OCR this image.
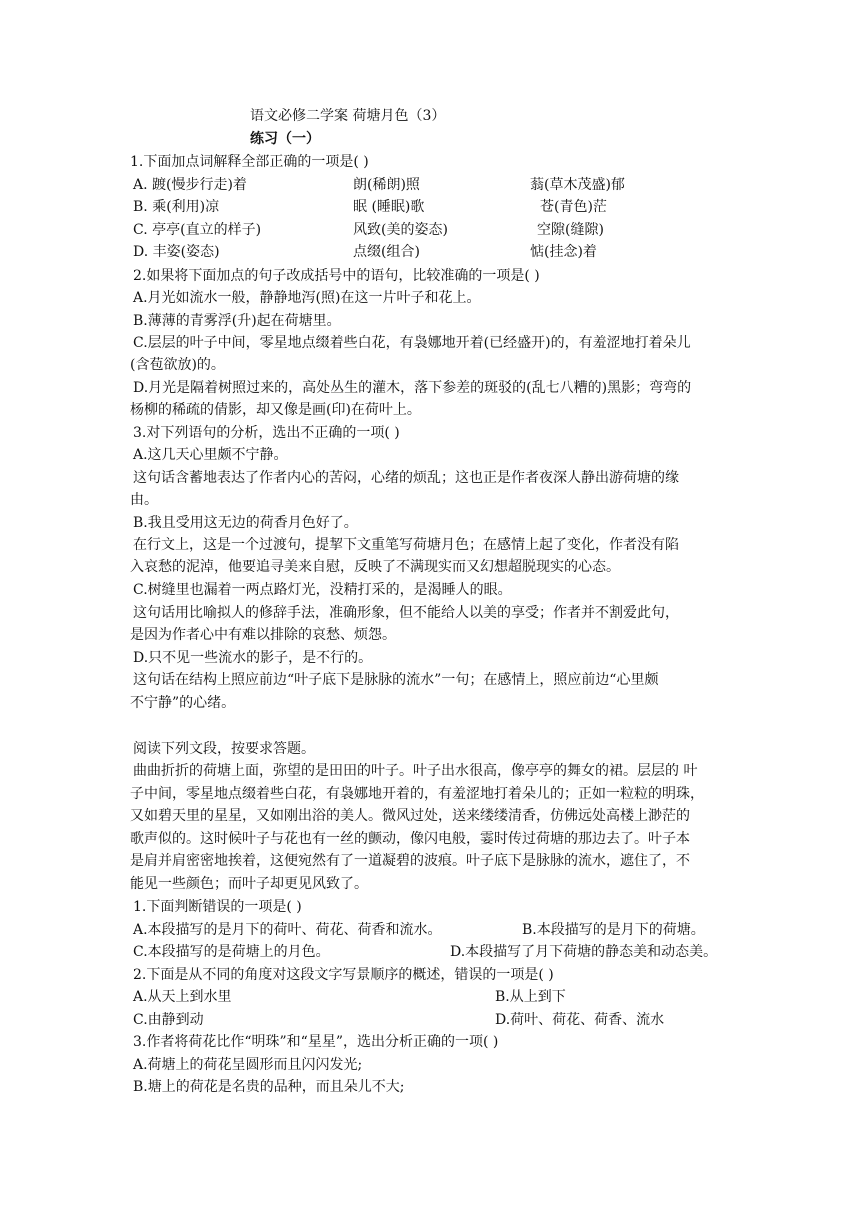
语文必修二学案 荷塘月色（3）
练习（一）
1.下面加点词解释全部正确的一项是( )
A. 踱(慢步行走)着	朗(稀朗)照	蓊(草木茂盛)郁
B. 乘(利用)凉	眠 (睡眠)歌	苍(青色)茫
C. 亭亭(直立的样子)	风致(美的姿态)	空隙(缝隙)
D. 丰姿(姿态)	点缀(组合)	惦(挂念)着
2.如果将下面加点的句子改成括号中的语句，比较准确的一项是( )
A.月光如流水一般，静静地泻(照)在这一片叶子和花上。
B.薄薄的青雾浮(升)起在荷塘里。
C.层层的叶子中间，零星地点缀着些白花，有袅娜地开着(已经盛开)的，有羞涩地打着朵儿
(含苞欲放)的。
D.月光是隔着树照过来的，高处丛生的灌木，落下参差的斑驳的(乱七八糟的)黑影；弯弯的
杨柳的稀疏的倩影，却又像是画(印)在荷叶上。
3.对下列语句的分析，选出不正确的一项( )
A.这几天心里颇不宁静。
这句话含蓄地表达了作者内心的苦闷，心绪的烦乱；这也正是作者夜深人静出游荷塘的缘
由。
B.我且受用这无边的荷香月色好了。
在行文上，这是一个过渡句，提挈下文重笔写荷塘月色；在感情上起了变化，作者没有陷
入哀愁的泥淖，他要追寻美来自慰，反映了不满现实而又幻想超脱现实的心态。
C.树缝里也漏着一两点路灯光，没精打采的，是渴睡人的眼。
这句话用比喻拟人的修辞手法，准确形象，但不能给人以美的享受；作者并不割爱此句，
是因为作者心中有难以排除的哀愁、烦怨。
D.只不见一些流水的影子，是不行的。
这句话在结构上照应前边“叶子底下是脉脉的流水”一句；在感情上，照应前边“心里颇
不宁静”的心绪。
阅读下列文段，按要求答题。
曲曲折折的荷塘上面，弥望的是田田的叶子。叶子出水很高，像亭亭的舞女的裙。层层的 叶
子中间，零星地点缀着些白花，有袅娜地开着的，有羞涩地打着朵儿的；正如一粒粒的明珠，
又如碧天里的星星，又如刚出浴的美人。微风过处，送来缕缕清香，仿佛远处高楼上渺茫的
歌声似的。这时候叶子与花也有一丝的颤动，像闪电般，霎时传过荷塘的那边去了。叶子本
是肩并肩密密地挨着，这便宛然有了一道凝碧的波痕。叶子底下是脉脉的流水，遮住了，不
能见一些颜色；而叶子却更见风致了。
1.下面判断错误的一项是( )
A.本段描写的是月下的荷叶、荷花、荷香和流水。	B.本段描写的是月下的荷塘。
C.本段描写的是荷塘上的月色。	D.本段描写了月下荷塘的静态美和动态美。
2.下面是从不同的角度对这段文字写景顺序的概述，错误的一项是( )
A.从天上到水里	B.从上到下
C.由静到动	D.荷叶、荷花、荷香、流水
3.作者将荷花比作“明珠”和“星星”，选出分析正确的一项( )
A.荷塘上的荷花呈圆形而且闪闪发光;
B.塘上的荷花是名贵的品种，而且朵儿不大;
